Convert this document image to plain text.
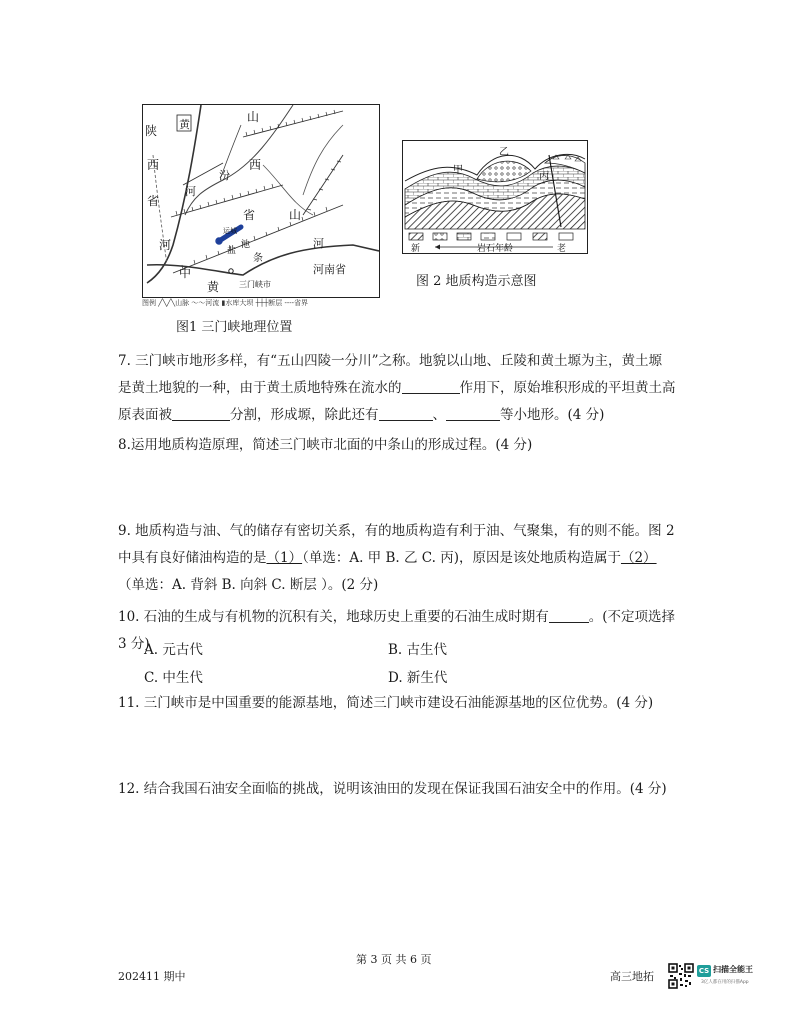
陕
西
省
黄
山
西
汾
河
省	山
河
中
运城
池
盐
条
河
黄 三门峡市
河南省
图例 ╱╲╱╲山脉 ～～河流 ▮水库大坝 ┼┼┼断层 ‐‐‐‐省界
图1 三门峡地理位置
甲
乙
丙
新	岩石年龄	老
图 2 地质构造示意图
7. 三门峡市地形多样，有“五山四陵一分川”之称。地貌以山地、丘陵和黄土塬为主，黄土塬
是黄土地貌的一种，由于黄土质地特殊在流水的	作用下，原始堆积形成的平坦黄土高
原表面被	分割，形成塬，除此还有	、	等小地形。(4 分)
8.运用地质构造原理，简述三门峡市北面的中条山的形成过程。(4 分)
9. 地质构造与油、气的储存有密切关系，有的地质构造有利于油、气聚集，有的则不能。图 2
中具有良好储油构造的是（1）（单选：A. 甲 B. 乙 C. 丙)，原因是该处地质构造属于（2）
（单选：A. 背斜 B. 向斜 C. 断层 ）。(2 分)
10. 石油的生成与有机物的沉积有关，地球历史上重要的石油生成时期有	。(不定项选择 3 分)
A. 元古代	B. 古生代
C. 中生代	D. 新生代
11. 三门峡市是中国重要的能源基地，简述三门峡市建设石油能源基地的区位优势。(4 分)
12. 结合我国石油安全面临的挑战，说明该油田的发现在保证我国石油安全中的作用。(4 分)
第 3 页 共 6 页
202411 期中	高三地拓	CS 扫描全能王
3亿人都在用的扫描App
